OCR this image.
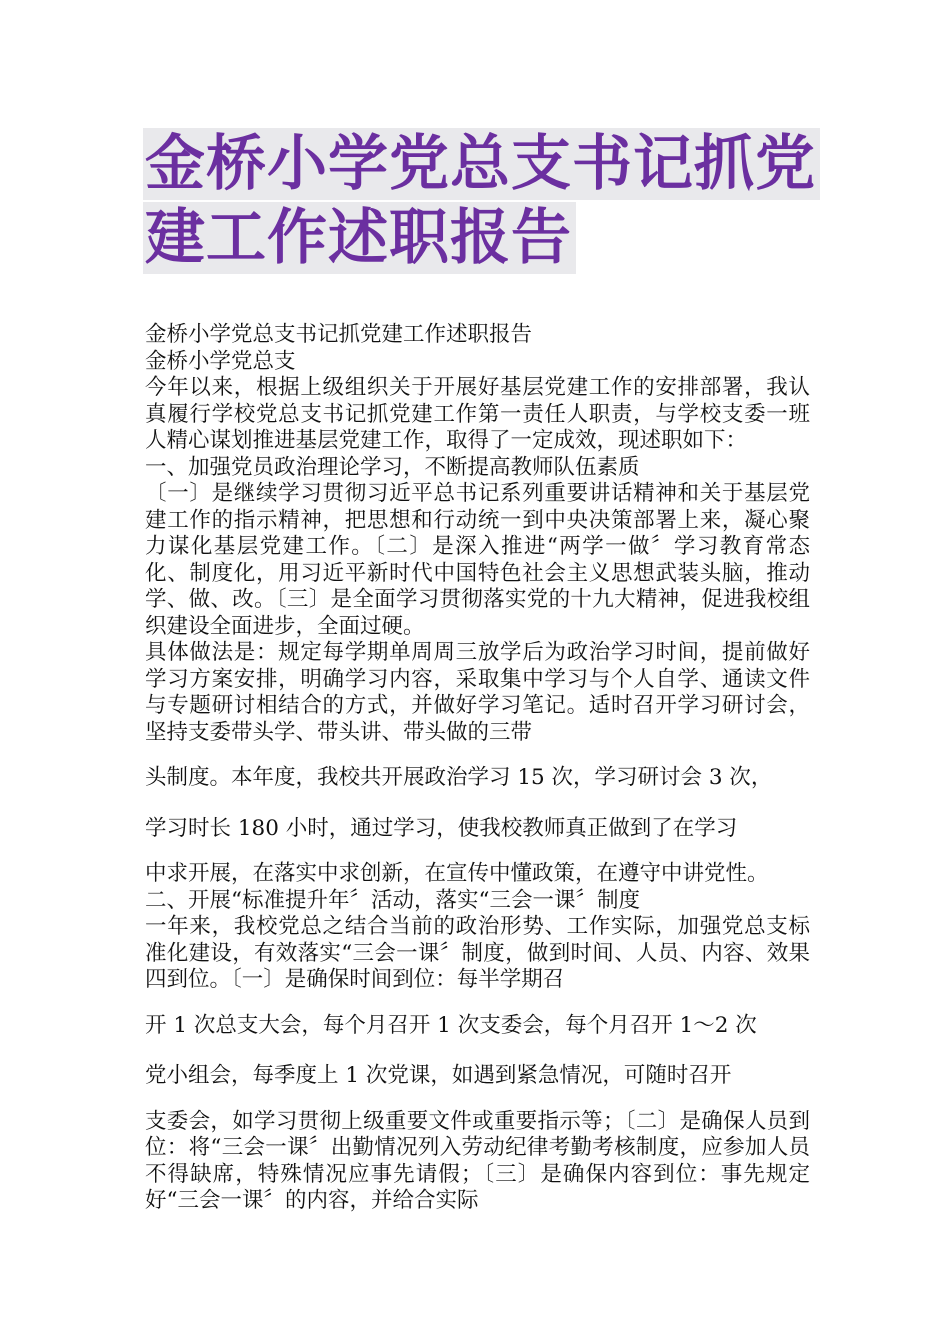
金桥小学党总支书记抓党
建工作述职报告

金桥小学党总支书记抓党建工作述职报告

金桥小学党总支

今年以来，根据上级组织关于开展好基层党建工作的安排部署，我认真履行学校党总支书记抓党建工作第一责任人职责，与学校支委一班人精心谋划推进基层党建工作，取得了一定成效，现述职如下：

一、加强党员政治理论学习，不断提高教师队伍素质

〔一〕是继续学习贯彻习近平总书记系列重要讲话精神和关于基层党建工作的指示精神，把思想和行动统一到中央决策部署上来，凝心聚力谋化基层党建工作。〔二〕是深入推进“两学一做〞学习教育常态化、制度化，用习近平新时代中国特色社会主义思想武装头脑，推动学、做、改。〔三〕是全面学习贯彻落实党的十九大精神，促进我校组织建设全面进步，全面过硬。

具体做法是：规定每学期单周周三放学后为政治学习时间，提前做好学习方案安排，明确学习内容，采取集中学习与个人自学、通读文件与专题研讨相结合的方式，并做好学习笔记。适时召开学习研讨会，坚持支委带头学、带头讲、带头做的三带

头制度。本年度，我校共开展政治学习 15 次，学习研讨会 3 次，

学习时长 180 小时，通过学习，使我校教师真正做到了在学习

中求开展，在落实中求创新，在宣传中懂政策，在遵守中讲党性。

二、开展“标准提升年〞活动，落实“三会一课〞制度

一年来，我校党总之结合当前的政治形势、工作实际，加强党总支标准化建设，有效落实“三会一课〞制度，做到时间、人员、内容、效果四到位。〔一〕是确保时间到位：每半学期召

开 1 次总支大会，每个月召开 1 次支委会，每个月召开 1～2 次

党小组会，每季度上 1 次党课，如遇到紧急情况，可随时召开

支委会，如学习贯彻上级重要文件或重要指示等；〔二〕是确保人员到位：将“三会一课〞出勤情况列入劳动纪律考勤考核制度，应参加人员不得缺席，特殊情况应事先请假；〔三〕是确保内容到位：事先规定好“三会一课〞的内容，并给合实际
